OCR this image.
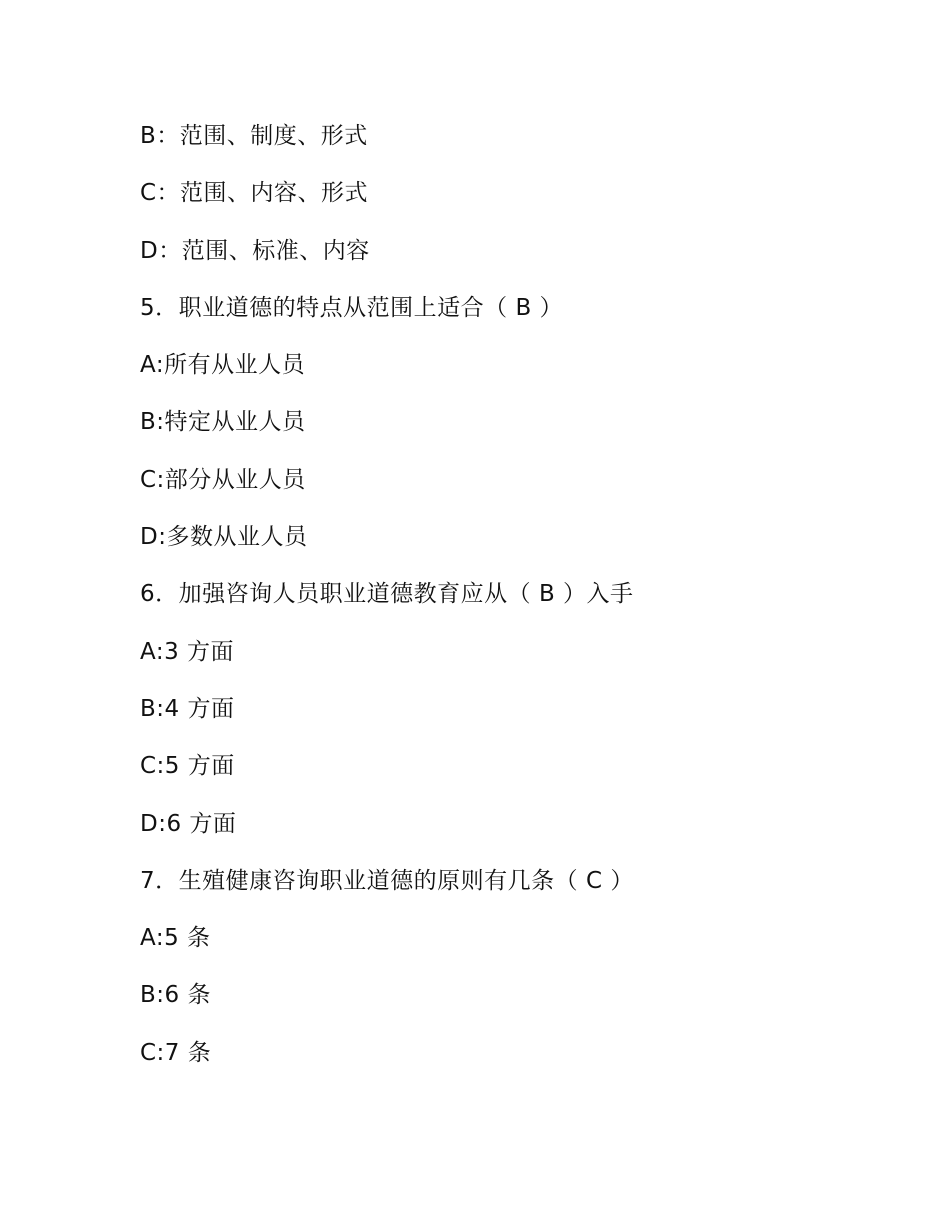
B：范围、制度、形式
C：范围、内容、形式
D：范围、标准、内容
5．职业道德的特点从范围上适合（ B ）
A:所有从业人员
B:特定从业人员
C:部分从业人员
D:多数从业人员
6．加强咨询人员职业道德教育应从（ B ）入手
A:3 方面
B:4 方面
C:5 方面
D:6 方面
7．生殖健康咨询职业道德的原则有几条（ C ）
A:5 条
B:6 条
C:7 条
